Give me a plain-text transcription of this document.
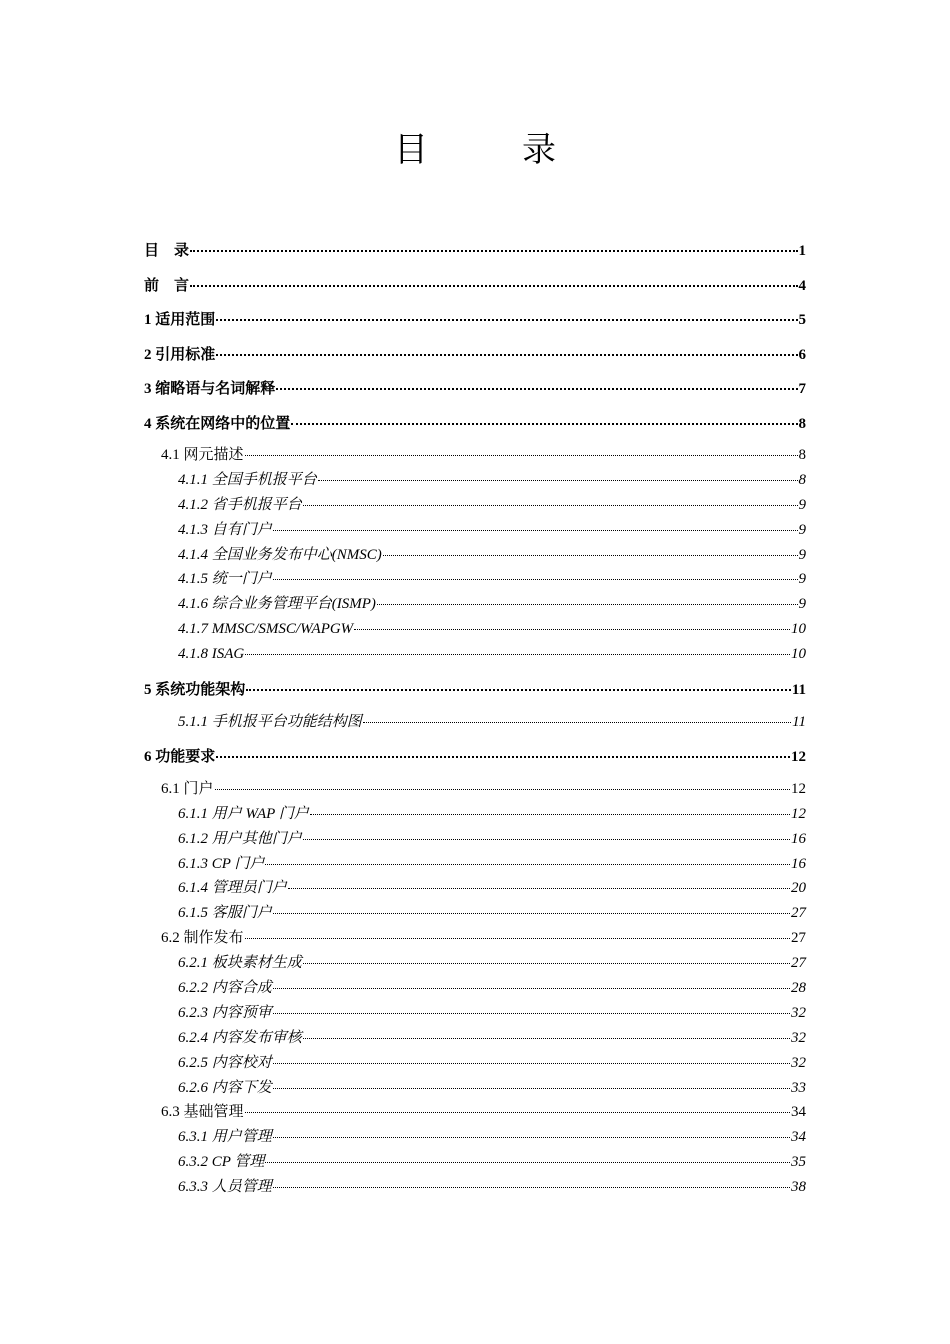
目　录
目　录	1
前　言	4
1 适用范围	5
2 引用标准	6
3 缩略语与名词解释	7
4 系统在网络中的位置	8
4.1 网元描述	8
4.1.1 全国手机报平台	8
4.1.2 省手机报平台	9
4.1.3 自有门户	9
4.1.4 全国业务发布中心(NMSC)	9
4.1.5 统一门户	9
4.1.6 综合业务管理平台(ISMP)	9
4.1.7 MMSC/SMSC/WAPGW	10
4.1.8 ISAG	10
5 系统功能架构	11
5.1.1 手机报平台功能结构图	11
6 功能要求	12
6.1 门户	12
6.1.1 用户 WAP 门户	12
6.1.2 用户其他门户	16
6.1.3 CP 门户	16
6.1.4 管理员门户	20
6.1.5 客服门户	27
6.2 制作发布	27
6.2.1 板块素材生成	27
6.2.2 内容合成	28
6.2.3 内容预审	32
6.2.4 内容发布审核	32
6.2.5 内容校对	32
6.2.6 内容下发	33
6.3 基础管理	34
6.3.1 用户管理	34
6.3.2 CP 管理	35
6.3.3 人员管理	38
